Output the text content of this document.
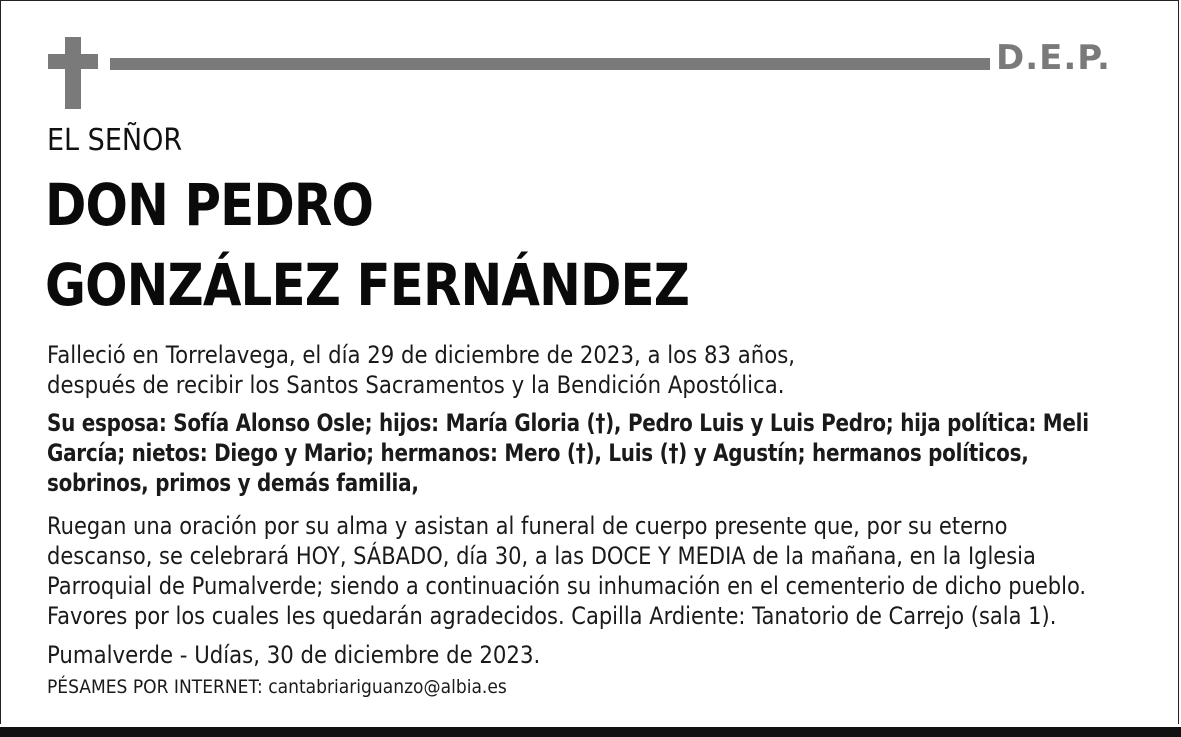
D.E.P.
EL SEÑOR
DON PEDRO
GONZÁLEZ FERNÁNDEZ
Falleció en Torrelavega, el día 29 de diciembre de 2023, a los 83 años,
después de recibir los Santos Sacramentos y la Bendición Apostólica.
Su esposa: Sofía Alonso Osle; hijos: María Gloria (†), Pedro Luis y Luis Pedro; hija política: Meli
García; nietos: Diego y Mario; hermanos: Mero (†), Luis (†) y Agustín; hermanos políticos,
sobrinos, primos y demás familia,
Ruegan una oración por su alma y asistan al funeral de cuerpo presente que, por su eterno
descanso, se celebrará HOY, SÁBADO, día 30, a las DOCE Y MEDIA de la mañana, en la Iglesia
Parroquial de Pumalverde; siendo a continuación su inhumación en el cementerio de dicho pueblo.
Favores por los cuales les quedarán agradecidos. Capilla Ardiente: Tanatorio de Carrejo (sala 1).
Pumalverde - Udías, 30 de diciembre de 2023.
PÉSAMES POR INTERNET: cantabriariguanzo@albia.es
